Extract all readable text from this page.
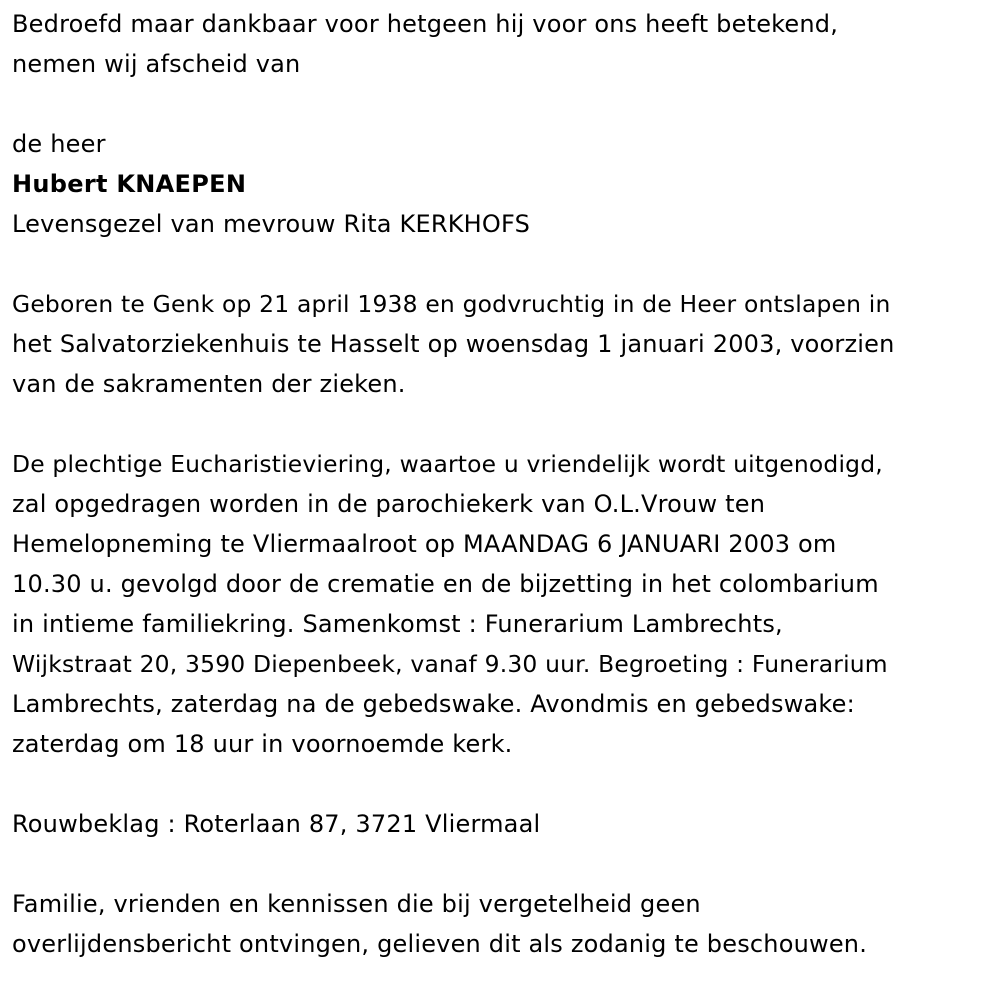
Bedroefd maar dankbaar voor hetgeen hij voor ons heeft betekend,
nemen wij afscheid van
de heer
Hubert KNAEPEN
Levensgezel van mevrouw Rita KERKHOFS
Geboren te Genk op 21 april 1938 en godvruchtig in de Heer ontslapen in
het Salvatorziekenhuis te Hasselt op woensdag 1 januari 2003, voorzien
van de sakramenten der zieken.
De plechtige Eucharistieviering, waartoe u vriendelijk wordt uitgenodigd,
zal opgedragen worden in de parochiekerk van O.L.Vrouw ten
Hemelopneming te Vliermaalroot op MAANDAG 6 JANUARI 2003 om
10.30 u. gevolgd door de crematie en de bijzetting in het colombarium
in intieme familiekring. Samenkomst : Funerarium Lambrechts,
Wijkstraat 20, 3590 Diepenbeek, vanaf 9.30 uur. Begroeting : Funerarium
Lambrechts, zaterdag na de gebedswake. Avondmis en gebedswake:
zaterdag om 18 uur in voornoemde kerk.
Rouwbeklag : Roterlaan 87, 3721 Vliermaal
Familie, vrienden en kennissen die bij vergetelheid geen
overlijdensbericht ontvingen, gelieven dit als zodanig te beschouwen.
